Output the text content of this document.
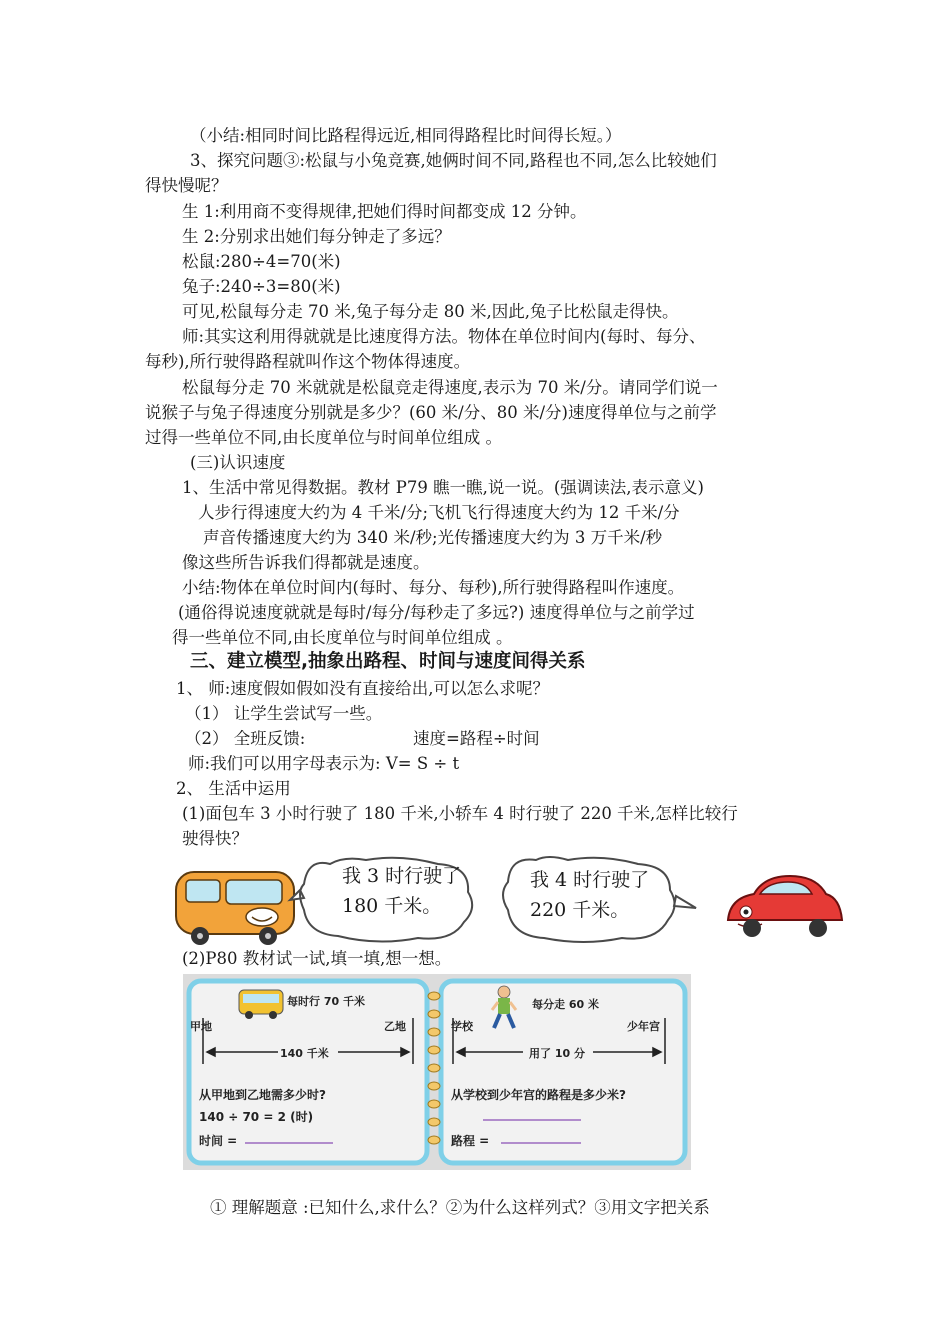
（小结:相同时间比路程得远近,相同得路程比时间得长短。）
3、探究问题③:松鼠与小兔竞赛,她俩时间不同,路程也不同,怎么比较她们
得快慢呢？
生 1:利用商不变得规律,把她们得时间都变成 12 分钟。
生 2:分别求出她们每分钟走了多远？
松鼠:280÷4=70(米)
兔子:240÷3=80(米)
可见,松鼠每分走 70 米,兔子每分走 80 米,因此,兔子比松鼠走得快。
师:其实这利用得就就是比速度得方法。物体在单位时间内(每时、每分、
每秒),所行驶得路程就叫作这个物体得速度。
松鼠每分走 70 米就就是松鼠竞走得速度,表示为 70 米/分。请同学们说一
说猴子与兔子得速度分别就是多少？(60 米/分、80 米/分)速度得单位与之前学
过得一些单位不同,由长度单位与时间单位组成 。
(三)认识速度
1、生活中常见得数据。教材 P79 瞧一瞧,说一说。(强调读法,表示意义)
人步行得速度大约为 4 千米/分;飞机飞行得速度大约为 12 千米/分
声音传播速度大约为 340 米/秒;光传播速度大约为 3 万千米/秒
像这些所告诉我们得都就是速度。
小结:物体在单位时间内(每时、每分、每秒),所行驶得路程叫作速度。
(通俗得说速度就就是每时/每分/每秒走了多远?) 速度得单位与之前学过
得一些单位不同,由长度单位与时间单位组成 。
三、建立模型,抽象出路程、时间与速度间得关系
1、 师:速度假如假如没有直接给出,可以怎么求呢？
（1） 让学生尝试写一些。
（2） 全班反馈:	速度=路程÷时间
师:我们可以用字母表示为: V= S ÷ t
2、 生活中运用
(1)面包车 3 小时行驶了 180 千米,小轿车 4 时行驶了 220 千米,怎样比较行
驶得快？
我 3 时行驶了
180 千米。
我 4 时行驶了
220 千米。
(2)P80 教材试一试,填一填,想一想。
每时行 70 千米
甲地	乙地
140 千米
从甲地到乙地需多少时?
140 ÷ 70 = 2 (时)
时间 =
每分走 60 米
学校	少年宫
用了 10 分
从学校到少年宫的路程是多少米?
路程 =
① 理解题意 :已知什么,求什么？②为什么这样列式？③用文字把关系
